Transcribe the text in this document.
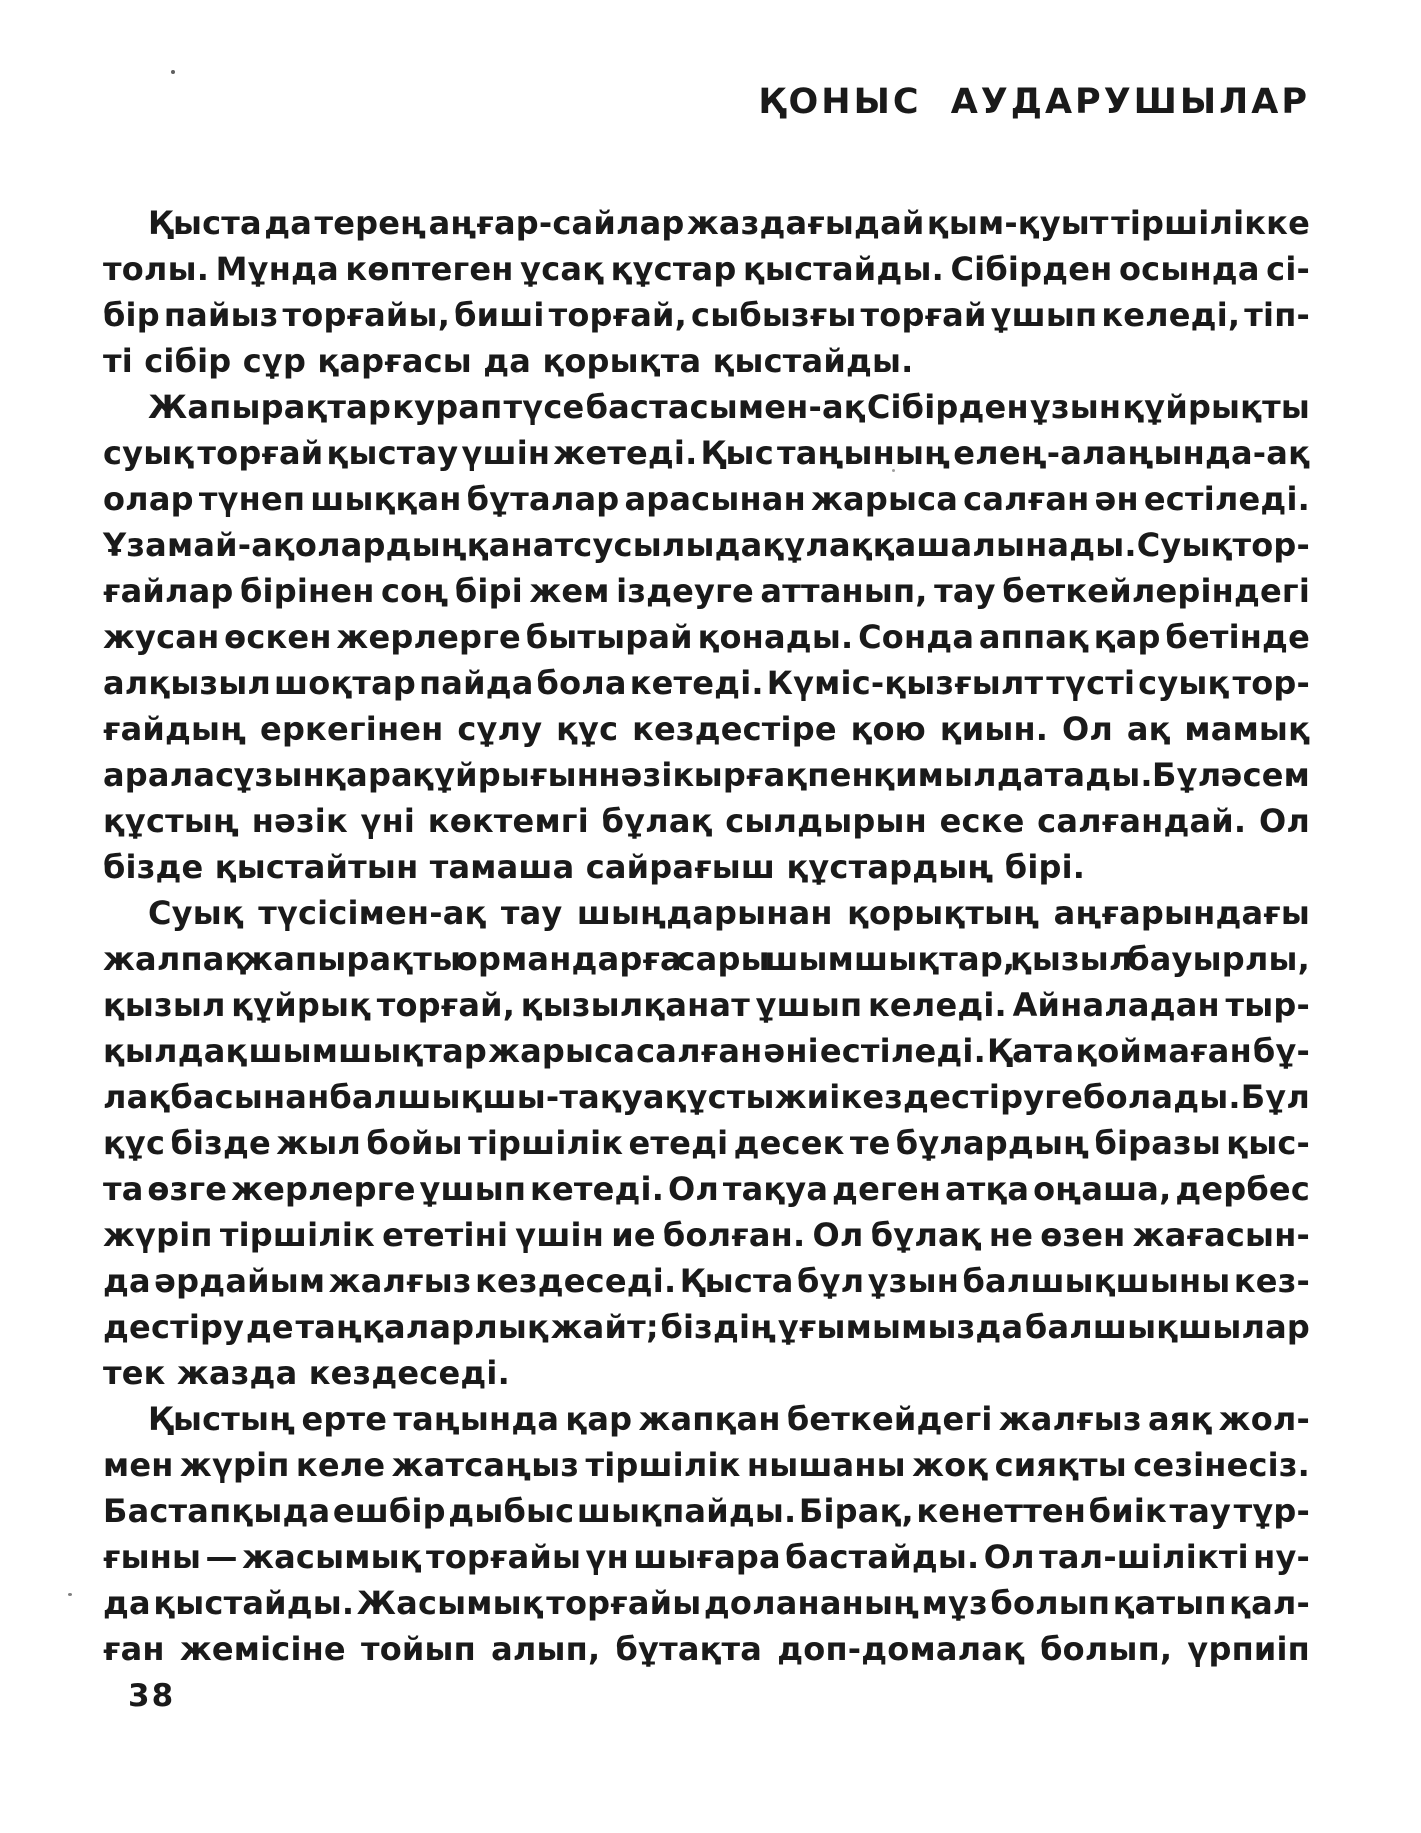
ҚОНЫС АУДАРУШЫЛАР
Қыста да терең аңғар-сайлар жаздағыдай қым-қуыт тіршілікке
толы. Мұнда көптеген ұсақ құстар қыстайды. Сібірден осында сі-
бір пайыз торғайы, биші торғай, сыбызғы торғай ұшып келеді, тіп-
ті сібір сұр қарғасы да қорықта қыстайды.
Жапырақтар курап түсе бастасымен-ақ Сібірден ұзын құйрықты
суық торғай қыстау үшін жетеді. Қыс таңының елең-алаңында-ақ
олар түнеп шыққан бұталар арасынан жарыса салған ән естіледі.
Ұзамай-ақ олардың қанат сусылы да құлаққа шалынады. Суық тор-
ғайлар бірінен соң бірі жем іздеуге аттанып, тау беткейлеріндегі
жусан өскен жерлерге бытырай қонады. Сонда аппақ қар бетінде
алқызыл шоқтар пайда бола кетеді. Күміс-қызғылт түсті суық тор-
ғайдың еркегінен сұлу құс кездестіре қою қиын. Ол ақ мамық
аралас ұзын қара құйрығын нәзік ырғақпен қимылдатады. Бұл әсем
құстың нәзік үні көктемгі бұлақ сылдырын еске салғандай. Ол
бізде қыстайтын тамаша сайрағыш құстардың бірі.
Суық түсісімен-ақ тау шыңдарынан қорықтың аңғарындағы
жалпақ жапырақты ормандарға сары шымшықтар, қызыл бауырлы,
қызыл құйрық торғай, қызылқанат ұшып келеді. Айналадан тыр-
қылдақ шымшықтар жарыса салған әні естіледі. Қата қоймаған бұ-
лақ басынан балшықшы-тақуа құсты жиі кездестіруге болады. Бұл
құс бізде жыл бойы тіршілік етеді десек те бұлардың біразы қыс-
та өзге жерлерге ұшып кетеді. Ол тақуа деген атқа оңаша, дербес
жүріп тіршілік ететіні үшін ие болған. Ол бұлақ не өзен жағасын-
да әрдайым жалғыз кездеседі. Қыста бұл ұзын балшықшыны кез-
дестіру де таңқаларлық жайт; біздің ұғымымызда балшықшылар
тек жазда кездеседі.
Қыстың ерте таңында қар жапқан беткейдегі жалғыз аяқ жол-
мен жүріп келе жатсаңыз тіршілік нышаны жоқ сияқты сезінесіз.
Бастапқыда ешбір дыбыс шықпайды. Бірақ, кенеттен биік тау тұр-
ғыны — жасымық торғайы үн шығара бастайды. Ол тал-шілікті ну-
да қыстайды. Жасымық торғайы долананың мұз болып қатып қал-
ған жемісіне тойып алып, бұтақта доп-домалақ болып, үрпиіп
38
